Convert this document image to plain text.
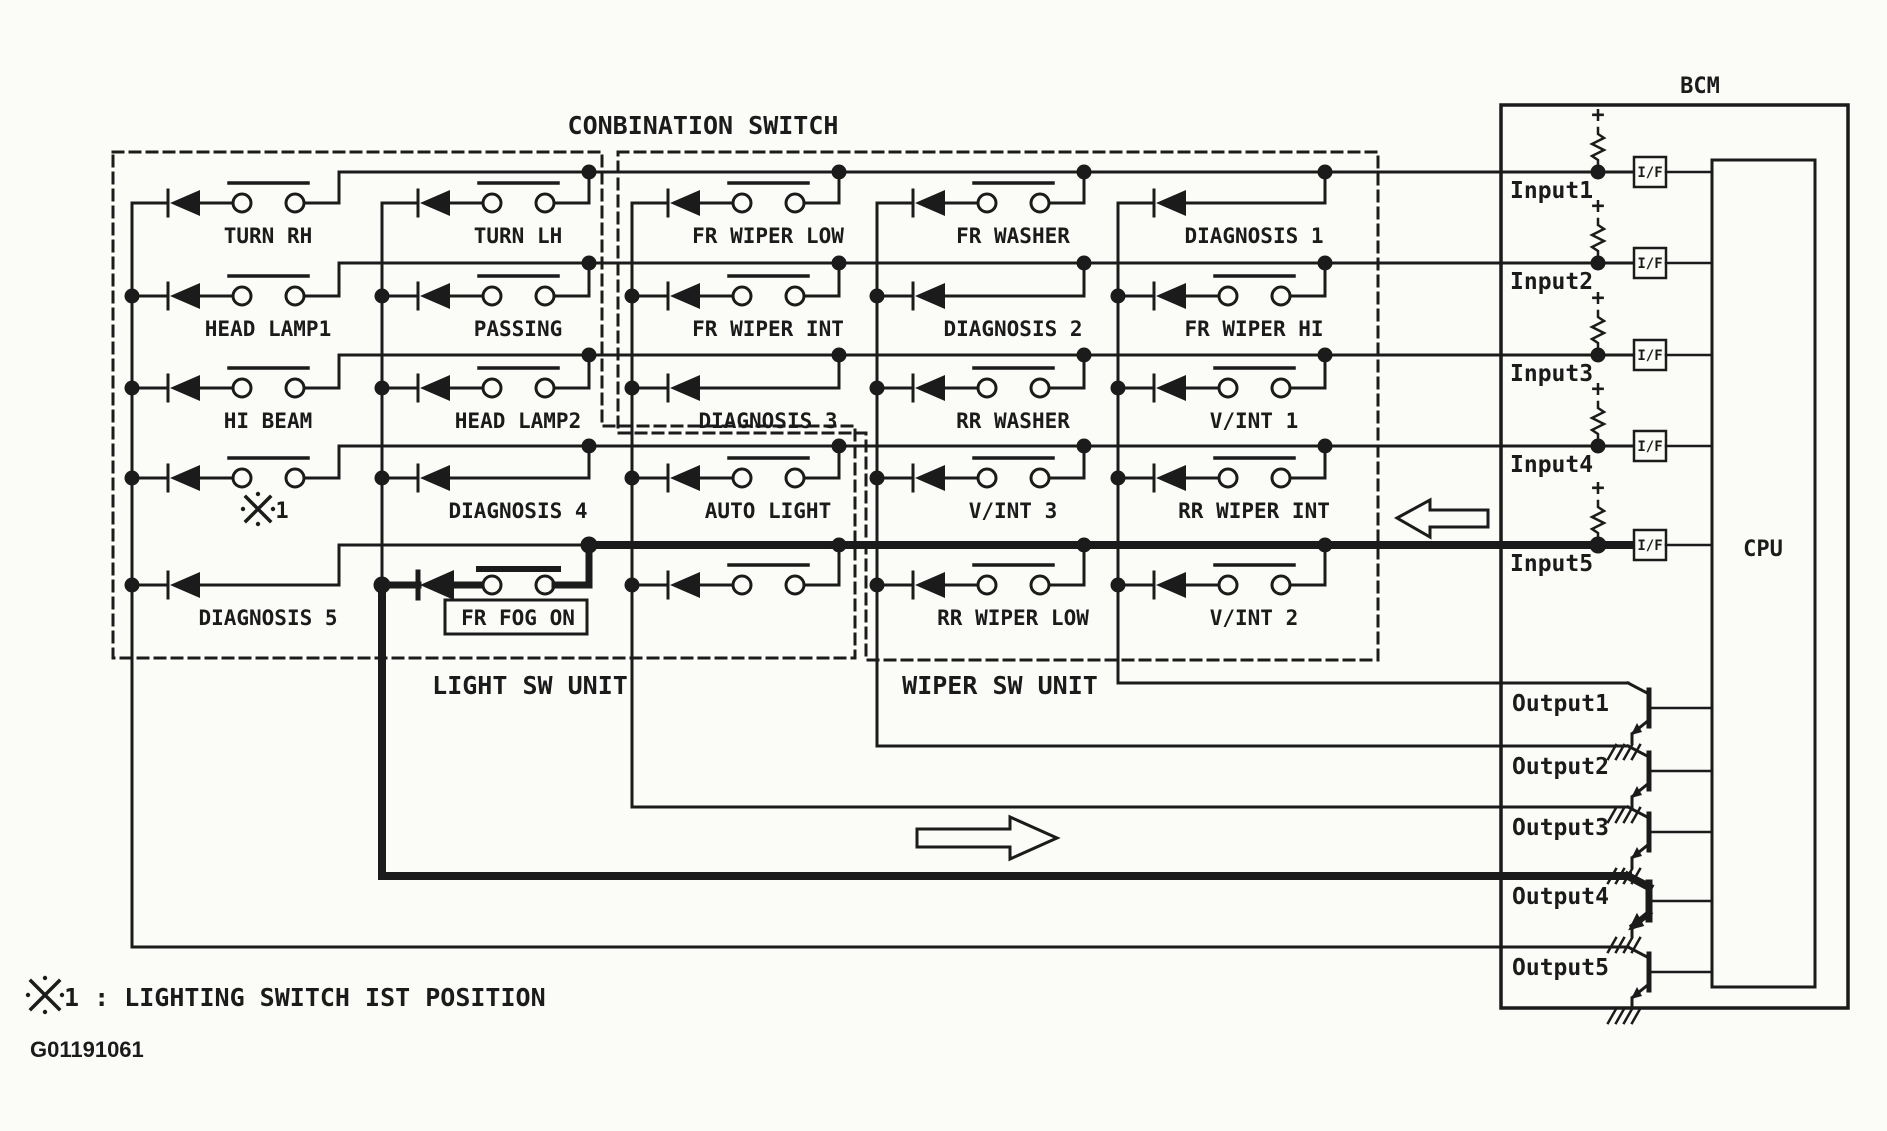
LIGHT SW UNIT	WIPER SW UNIT
TURN RH	TURN LH	FR WIPER LOW	FR WASHER	DIAGNOSIS 1
HEAD LAMP1	PASSING	FR WIPER INT	DIAGNOSIS 2	FR WIPER HI
HI BEAM	HEAD LAMP2	DIAGNOSIS 3	RR WASHER	V/INT 1
1	DIAGNOSIS 4	AUTO LIGHT	V/INT 3	RR WIPER INT
DIAGNOSIS 5	FR FOG ON	RR WIPER LOW	V/INT 2
+
I/F
Input1
+
I/F
Input2
+
I/F
Input3
+
I/F
Input4
+
I/F
Input5
Output1
Output2
Output3
Output4
Output5
CONBINATION SWITCH
BCM
CPU
1 : LIGHTING SWITCH IST POSITION
G01191061
